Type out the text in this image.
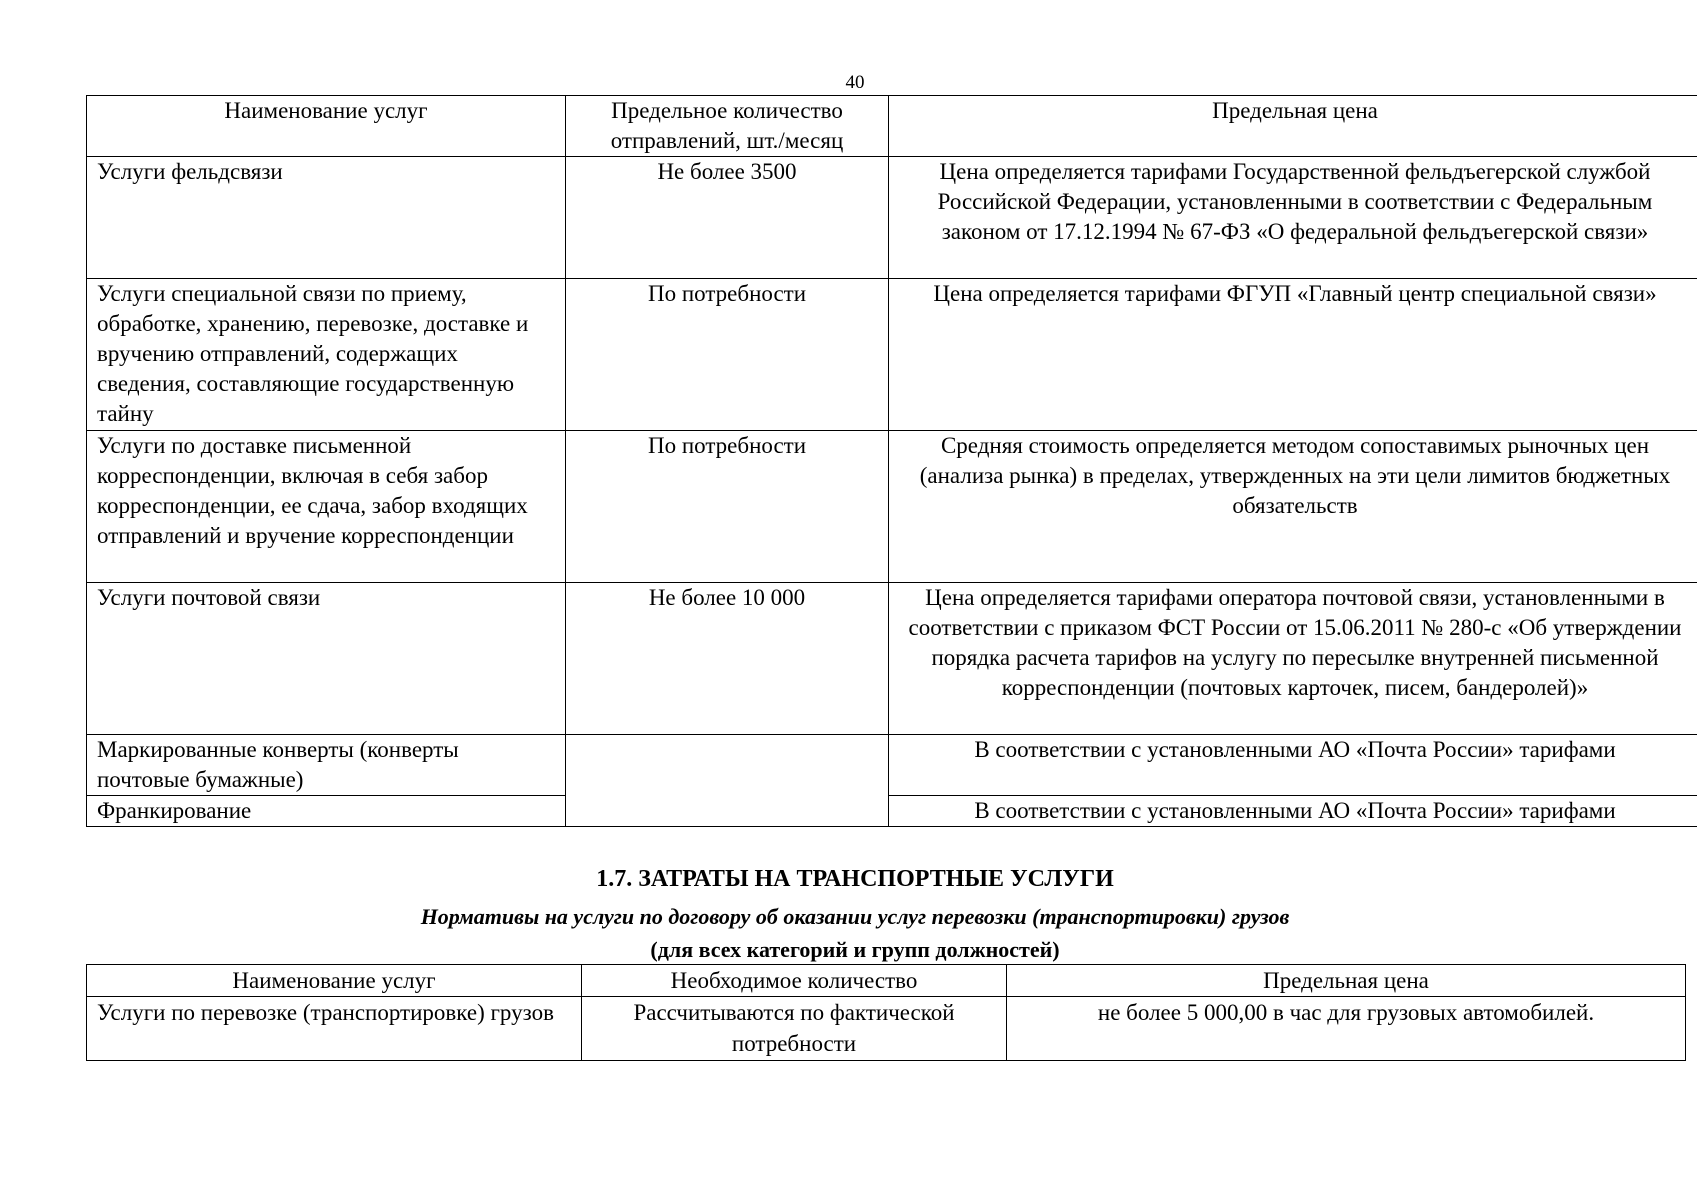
40
Наименование услуг	Предельное количество отправлений, шт./месяц	Предельная цена
Услуги фельдсвязи	Не более 3500	Цена определяется тарифами Государственной фельдъегерской службой Российской Федерации, установленными в соответствии с Федеральным законом от 17.12.1994 № 67-ФЗ «О федеральной фельдъегерской связи»
Услуги специальной связи по приему, обработке, хранению, перевозке, доставке и вручению отправлений, содержащих сведения, составляющие государственную тайну	По потребности	Цена определяется тарифами ФГУП «Главный центр специальной связи»
Услуги по доставке письменной корреспонденции, включая в себя забор корреспонденции, ее сдача, забор входящих отправлений и вручение корреспонденции	По потребности	Средняя стоимость определяется методом сопоставимых рыночных цен (анализа рынка) в пределах, утвержденных на эти цели лимитов бюджетных обязательств
Услуги почтовой связи	Не более 10 000	Цена определяется тарифами оператора почтовой связи, установленными в соответствии с приказом ФСТ России от 15.06.2011 № 280-с «Об утверждении порядка расчета тарифов на услугу по пересылке внутренней письменной корреспонденции (почтовых карточек, писем, бандеролей)»
Маркированные конверты (конверты почтовые бумажные)		В соответствии с установленными АО «Почта России» тарифами
Франкирование		В соответствии с установленными АО «Почта России» тарифами
1.7. ЗАТРАТЫ НА ТРАНСПОРТНЫЕ УСЛУГИ
Нормативы на услуги по договору об оказании услуг перевозки (транспортировки) грузов
(для всех категорий и групп должностей)
Наименование услуг	Необходимое количество	Предельная цена
Услуги по перевозке (транспортировке) грузов	Рассчитываются по фактической потребности	не более 5 000,00 в час для грузовых автомобилей.
